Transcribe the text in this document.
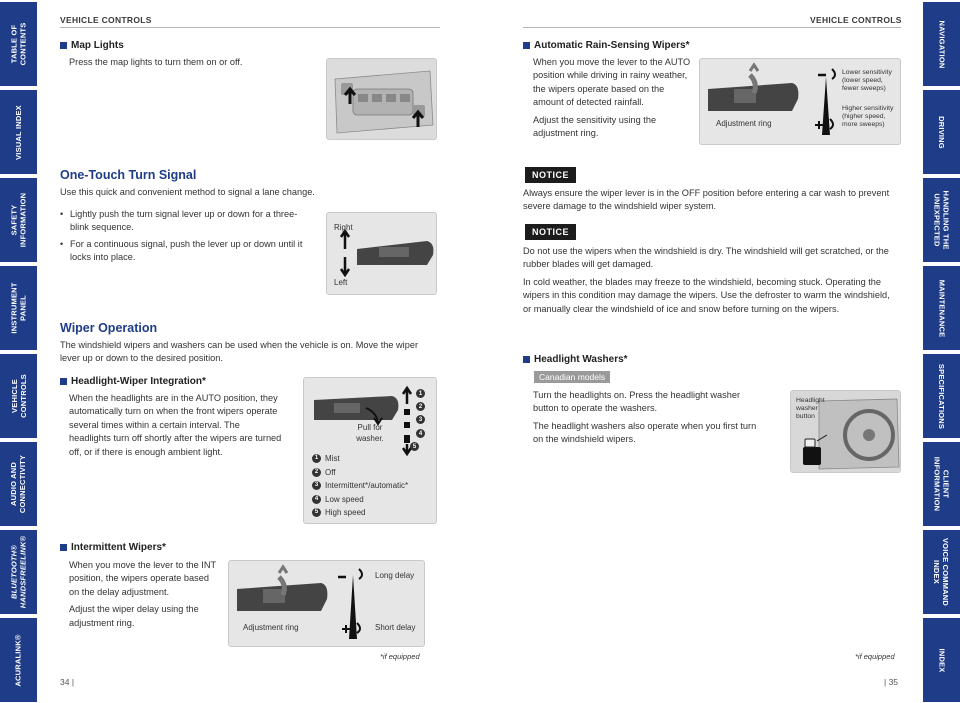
TABLE OF
CONTENTS
VISUAL INDEX
SAFETY
INFORMATION
INSTRUMENT
PANEL
VEHICLE
CONTROLS
AUDIO AND
CONNECTIVITY
BLUETOOTH®
HANDSFREELINK®
ACURALINK®
NAVIGATION
DRIVING
HANDLING THE
UNEXPECTED
MAINTENANCE
SPECIFICATIONS
CLIENT
INFORMATION
VOICE COMMAND
INDEX
INDEX
VEHICLE CONTROLS
Map Lights

Press the map lights to turn them on or off.

One-Touch Turn Signal

Use this quick and convenient method to signal a lane change.

• Lightly push the turn signal lever up or down for a three-blink sequence.
• For a continuous signal, push the lever up or down until it locks into place.
Right
Left
Wiper Operation

The windshield wipers and washers can be used when the vehicle is on. Move the wiper lever up or down to the desired position.

Headlight-Wiper Integration*

When the headlights are in the AUTO position, they automatically turn on when the front wipers operate several times within a certain interval. The headlights turn off shortly after the wipers are turned off, or if there is enough ambient light.

1
2
3
4
5
Pull for washer.
1 Mist
2 Off
3 Intermittent*/automatic*
4 Low speed
5 High speed
Intermittent Wipers*

When you move the lever to the INT position, the wipers operate based on the delay adjustment.

Adjust the wiper delay using the adjustment ring.	Adjustment ring
Long delay
Short delay
*if equipped
34 |
VEHICLE CONTROLS
Automatic Rain-Sensing Wipers*

When you move the lever to the AUTO position while driving in rainy weather, the wipers operate based on the amount of detected rainfall.

Adjust the sensitivity using the adjustment ring.

Adjustment ring
Lower sensitivity (lower speed, fewer sweeps)
Higher sensitivity (higher speed, more sweeps)
NOTICE

Always ensure the wiper lever is in the OFF position before entering a car wash to prevent severe damage to the windshield wiper system.

NOTICE

Do not use the wipers when the windshield is dry. The windshield will get scratched, or the rubber blades will get damaged.

In cold weather, the blades may freeze to the windshield, becoming stuck. Operating the wipers in this condition may damage the wipers. Use the defroster to warm the windshield, or manually clear the windshield of ice and snow before turning on the wipers.

Headlight Washers*
Canadian models

Turn the headlights on. Press the headlight washer button to operate the washers.

The headlight washers also operate when you first turn on the windshield wipers.

Headlight washer button
*if equipped
| 35
